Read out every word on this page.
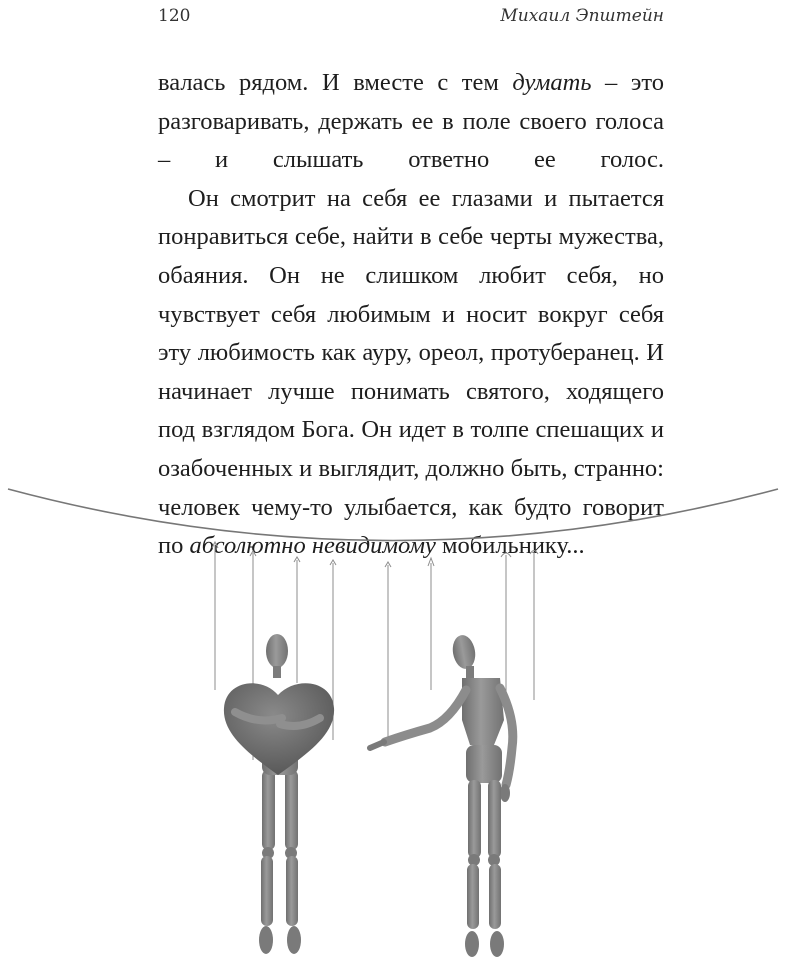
120	Михаил Эпштейн

валась рядом. И вместе с тем думать – это разговаривать, держать ее в поле своего голоса – и слышать ответно ее голос.

Он смотрит на себя ее глазами и пытается понравиться себе, найти в себе черты мужества, обаяния. Он не слишком любит себя, но чувствует себя любимым и носит вокруг себя эту любимость как ауру, ореол, протуберанец. И начинает лучше понимать святого, ходящего под взглядом Бога. Он идет в толпе спешащих и озабоченных и выглядит, должно быть, странно: человек чему-то улыбается, как будто говорит по абсолютно невидимому мобильнику...
